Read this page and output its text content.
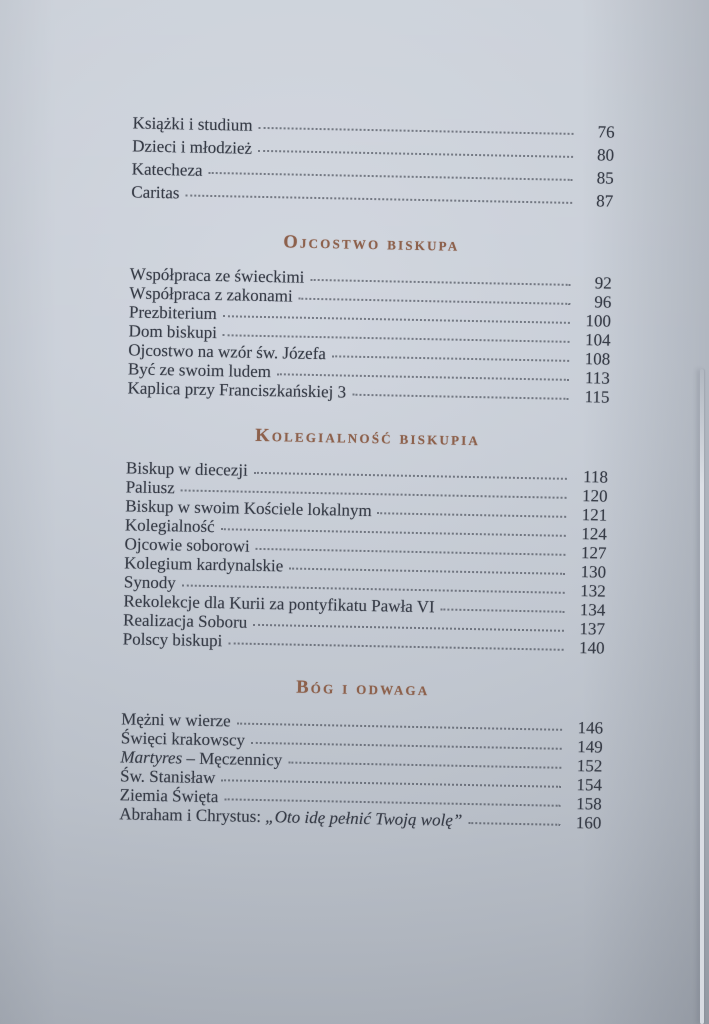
Książki i studium	76
Dzieci i młodzież	80
Katecheza	85
Caritas	87
Ojcostwo biskupa
Współpraca ze świeckimi	92
Współpraca z zakonami	96
Prezbiterium	100
Dom biskupi	104
Ojcostwo na wzór św. Józefa	108
Być ze swoim ludem	113
Kaplica przy Franciszkańskiej 3	115
Kolegialność biskupia
Biskup w diecezji	118
Paliusz	120
Biskup w swoim Kościele lokalnym	121
Kolegialność	124
Ojcowie soborowi	127
Kolegium kardynalskie	130
Synody	132
Rekolekcje dla Kurii za pontyfikatu Pawła VI	134
Realizacja Soboru	137
Polscy biskupi	140
Bóg i odwaga
Mężni w wierze	146
Święci krakowscy	149
Martyres – Męczennicy	152
Św. Stanisław	154
Ziemia Święta	158
Abraham i Chrystus: „Oto idę pełnić Twoją wolę”	160
